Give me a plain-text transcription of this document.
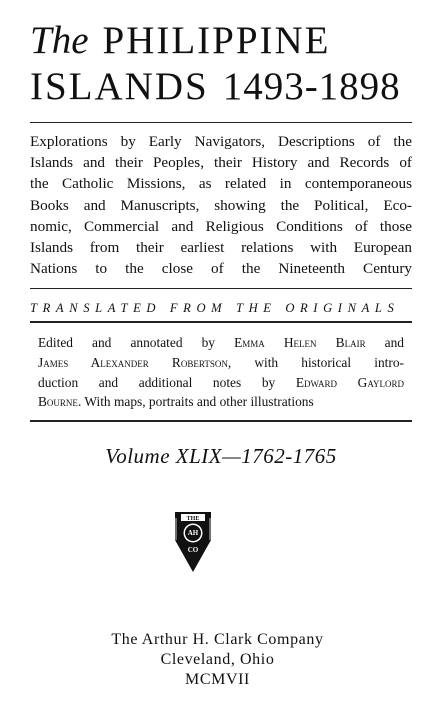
The PHILIPPINE
ISLANDS 1493-1898
Explorations by Early Navigators, Descriptions of the
Islands and their Peoples, their History and Records of
the Catholic Missions, as related in contemporaneous
Books and Manuscripts, showing the Political, Eco-
nomic, Commercial and Religious Conditions of those
Islands from their earliest relations with European
Nations to the close of the Nineteenth Century
TRANSLATED FROM THE ORIGINALS
Edited and annotated by Emma Helen Blair and
James Alexander Robertson, with historical intro-
duction and additional notes by Edward Gaylord
Bourne. With maps, portraits and other illustrations
Volume XLIX—1762-1765
THE
AH
CO
The Arthur H. Clark Company
Cleveland, Ohio
MCMVII
